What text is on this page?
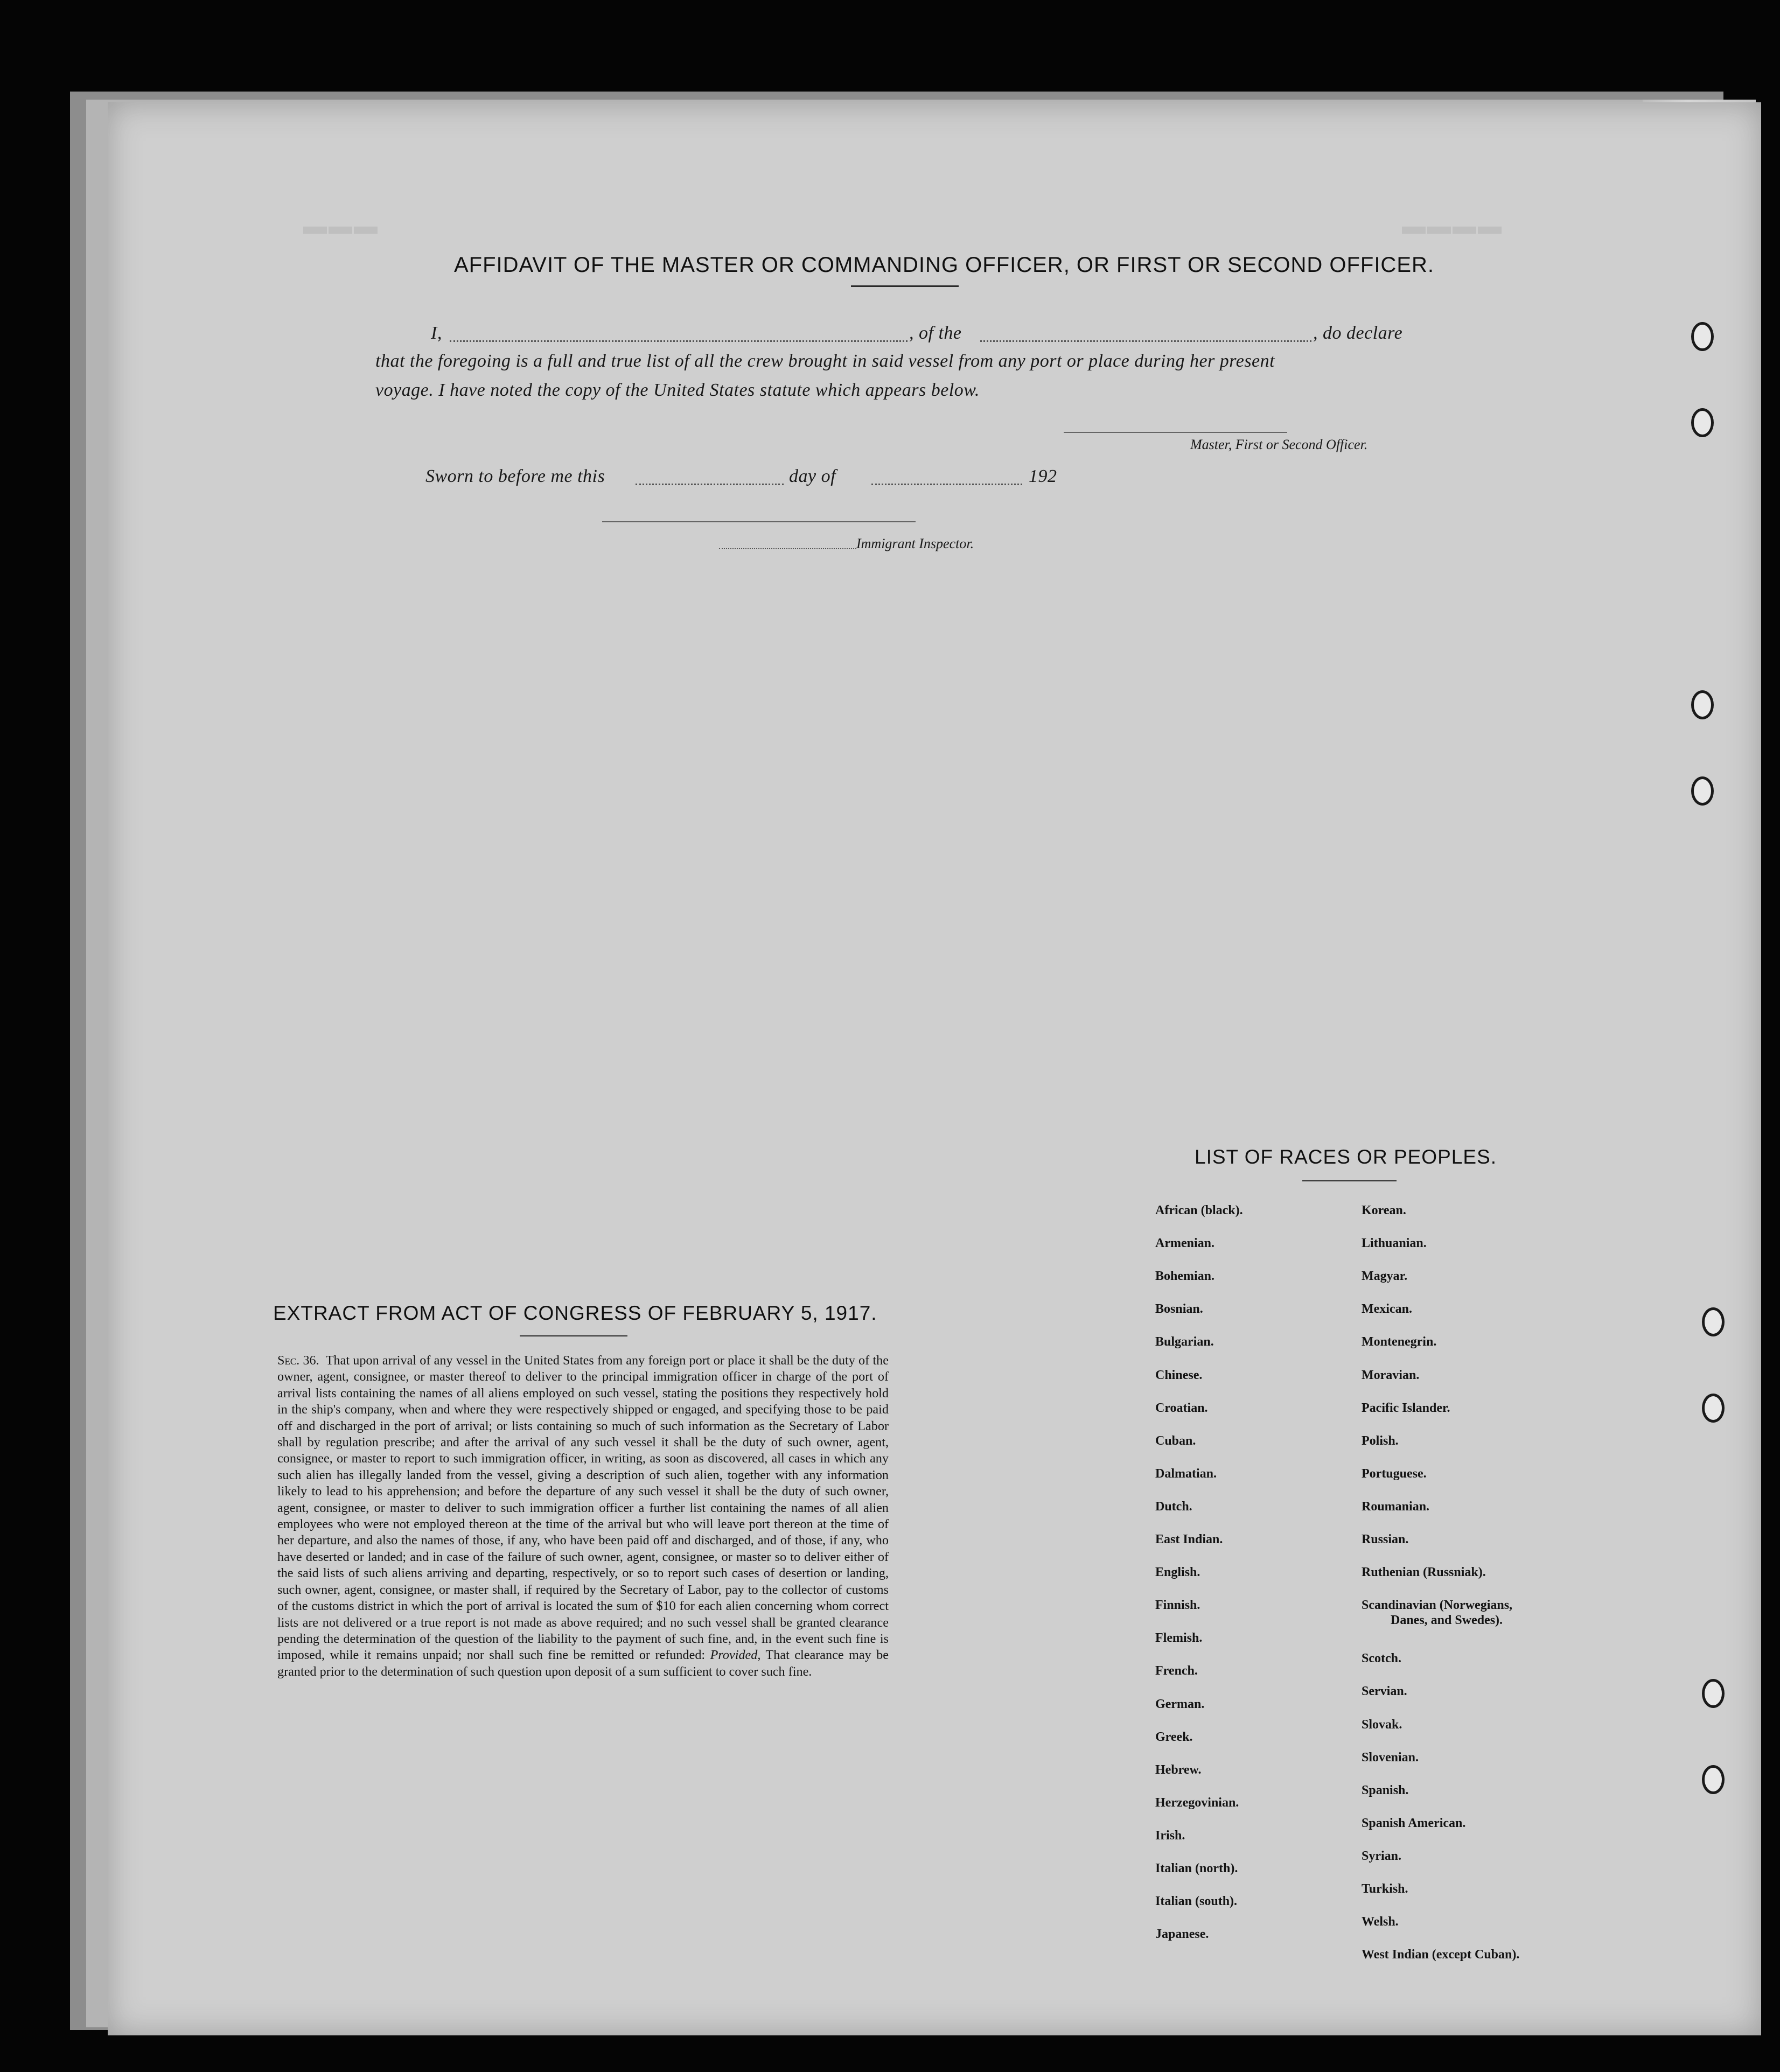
▬▬▬	▬▬▬▬
AFFIDAVIT OF THE MASTER OR COMMANDING OFFICER, OR FIRST OR SECOND OFFICER.
I,	, of the	, do declare
that the foregoing is a full and true list of all the crew brought in said vessel from any port or place during her present
voyage. I have noted the copy of the United States statute which appears below.
Master, First or Second Officer.
Sworn to before me this	day of	192
Immigrant Inspector.
EXTRACT FROM ACT OF CONGRESS OF FEBRUARY 5, 1917.
Sec. 36. That upon arrival of any vessel in the United States from any foreign port or place it shall be the duty of the owner, agent, consignee, or master thereof to deliver to the principal immigration officer in charge of the port of arrival lists containing the names of all aliens employed on such vessel, stating the positions they respectively hold in the ship's company, when and where they were respectively shipped or engaged, and specifying those to be paid off and discharged in the port of arrival; or lists containing so much of such information as the Secretary of Labor shall by regulation prescribe; and after the arrival of any such vessel it shall be the duty of such owner, agent, consignee, or master to report to such immigration officer, in writing, as soon as discovered, all cases in which any such alien has illegally landed from the vessel, giving a description of such alien, together with any information likely to lead to his apprehension; and before the departure of any such vessel it shall be the duty of such owner, agent, consignee, or master to deliver to such immigration officer a further list containing the names of all alien employees who were not employed thereon at the time of the arrival but who will leave port thereon at the time of her departure, and also the names of those, if any, who have been paid off and discharged, and of those, if any, who have deserted or landed; and in case of the failure of such owner, agent, consignee, or master so to deliver either of the said lists of such aliens arriving and departing, respectively, or so to report such cases of desertion or landing, such owner, agent, consignee, or master shall, if required by the Secretary of Labor, pay to the collector of customs of the customs district in which the port of arrival is located the sum of $10 for each alien concerning whom correct lists are not delivered or a true report is not made as above required; and no such vessel shall be granted clearance pending the determination of the question of the liability to the payment of such fine, and, in the event such fine is imposed, while it remains unpaid; nor shall such fine be remitted or refunded: Provided, That clearance may be granted prior to the determination of such question upon deposit of a sum sufficient to cover such fine.
LIST OF RACES OR PEOPLES.
African (black).
Armenian.
Bohemian.
Bosnian.
Bulgarian.
Chinese.
Croatian.
Cuban.
Dalmatian.
Dutch.
East Indian.
English.
Finnish.
Flemish.
French.
German.
Greek.
Hebrew.
Herzegovinian.
Irish.
Italian (north).
Italian (south).
Japanese.
Korean.
Lithuanian.
Magyar.
Mexican.
Montenegrin.
Moravian.
Pacific Islander.
Polish.
Portuguese.
Roumanian.
Russian.
Ruthenian (Russniak).
Scandinavian (Norwegians,
Danes, and Swedes).
Scotch.
Servian.
Slovak.
Slovenian.
Spanish.
Spanish American.
Syrian.
Turkish.
Welsh.
West Indian (except Cuban).
